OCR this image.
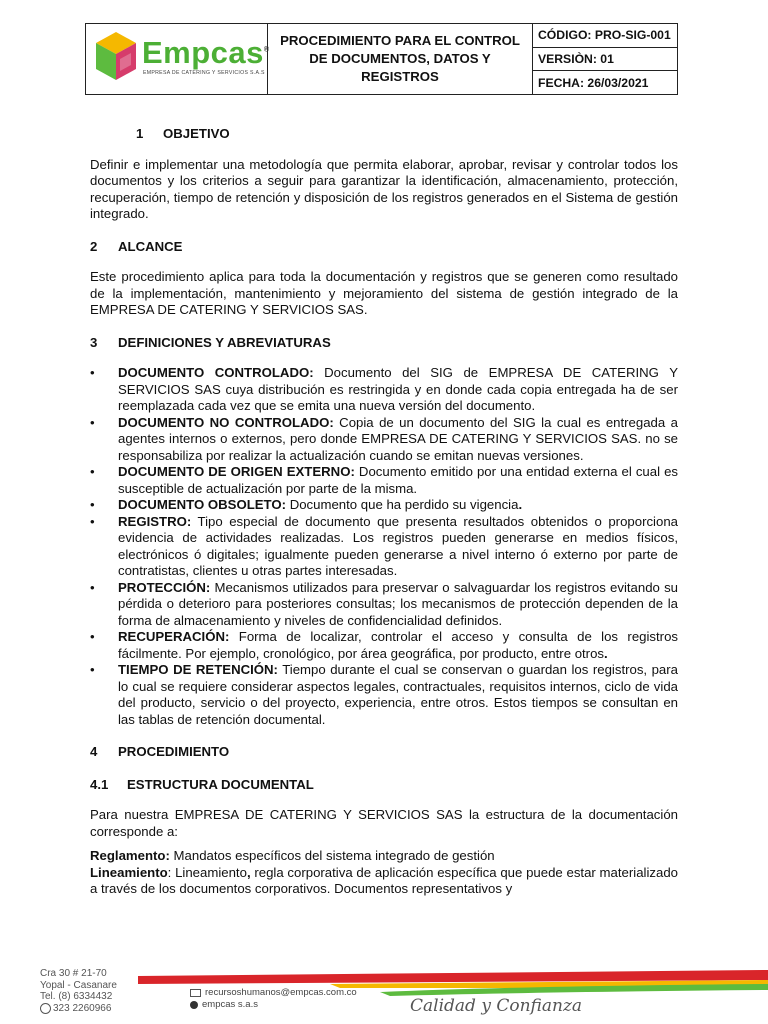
Empcas®
EMPRESA DE CATERING Y SERVICIOS S.A.S
PROCEDIMIENTO PARA EL CONTROL DE DOCUMENTOS, DATOS Y REGISTROS
CÓDIGO: PRO-SIG-001
VERSIÒN: 01
FECHA: 26/03/2021
1	OBJETIVO

Definir e implementar una metodología que permita elaborar, aprobar, revisar y controlar todos los documentos y los criterios a seguir para garantizar la identificación, almacenamiento, protección, recuperación, tiempo de retención y disposición de los registros generados en el Sistema de gestión integrado.

2	ALCANCE

Este procedimiento aplica para toda la documentación y registros que se generen como resultado de la implementación, mantenimiento y mejoramiento del sistema de gestión integrado de la EMPRESA DE CATERING Y SERVICIOS SAS.

3	DEFINICIONES Y ABREVIATURAS
• DOCUMENTO CONTROLADO: Documento del SIG de EMPRESA DE CATERING Y SERVICIOS SAS cuya distribución es restringida y en donde cada copia entregada ha de ser reemplazada cada vez que se emita una nueva versión del documento.
• DOCUMENTO NO CONTROLADO: Copia de un documento del SIG la cual es entregada a agentes internos o externos, pero donde EMPRESA DE CATERING Y SERVICIOS SAS. no se responsabiliza por realizar la actualización cuando se emitan nuevas versiones.
• DOCUMENTO DE ORIGEN EXTERNO: Documento emitido por una entidad externa el cual es susceptible de actualización por parte de la misma.
• DOCUMENTO OBSOLETO: Documento que ha perdido su vigencia.
• REGISTRO: Tipo especial de documento que presenta resultados obtenidos o proporciona evidencia de actividades realizadas. Los registros pueden generarse en medios físicos, electrónicos ó digitales; igualmente pueden generarse a nivel interno ó externo por parte de contratistas, clientes u otras partes interesadas.
• PROTECCIÓN: Mecanismos utilizados para preservar o salvaguardar los registros evitando su pérdida o deterioro para posteriores consultas; los mecanismos de protección dependen de la forma de almacenamiento y niveles de confidencialidad definidos.
• RECUPERACIÓN: Forma de localizar, controlar el acceso y consulta de los registros fácilmente. Por ejemplo, cronológico, por área geográfica, por producto, entre otros.
• TIEMPO DE RETENCIÓN: Tiempo durante el cual se conservan o guardan los registros, para lo cual se requiere considerar aspectos legales, contractuales, requisitos internos, ciclo de vida del producto, servicio o del proyecto, experiencia, entre otros. Estos tiempos se consultan en las tablas de retención documental.
4	PROCEDIMIENTO
4.1	ESTRUCTURA DOCUMENTAL

Para nuestra EMPRESA DE CATERING Y SERVICIOS SAS la estructura de la documentación corresponde a:

Reglamento: Mandatos específicos del sistema integrado de gestión

Lineamiento: Lineamiento, regla corporativa de aplicación específica que puede estar materializado a través de los documentos corporativos. Documentos representativos y

Cra 30 # 21-70
Yopal - Casanare
Tel. (8) 6334432
323 2260966
recursoshumanos@empcas.com.co
empcas s.a.s	Calidad y Confianza
